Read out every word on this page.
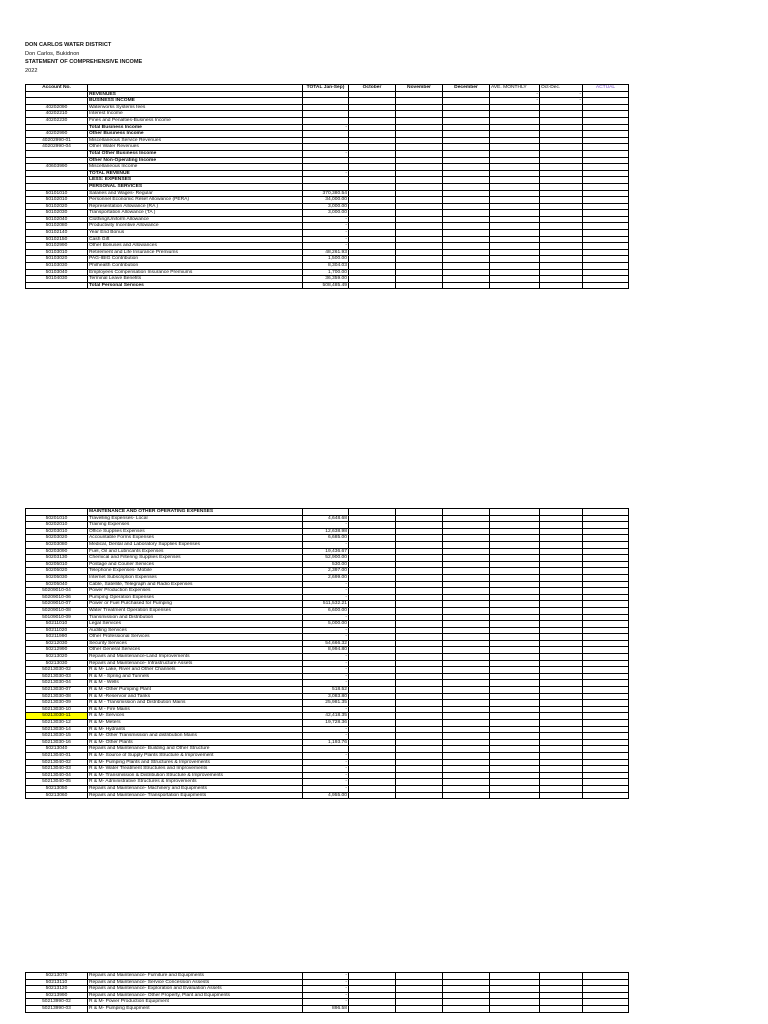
DON CARLOS WATER DISTRICT
Don Carlos, Bukidnon
STATEMENT OF COMPREHENSIVE INCOME
2022
Account No.		TOTAL Jan-Sep)	October	November	December	AVE. MONTHLY	Oct-Dec.	ACTUAL
	REVENUES					-	-	
	BUSINESS INCOME					-	-	
40202090	Waterworks Systems fees							
40202210	Interest Income							
40202230	Fines and Penalties-Business Income							
	Total Business Income	-						
40202990	Other Business Income							
40202990-01	Miscellaneous Service Revenues							
40202990-04	Other Water Revenues							
	Total Other Business Income	-						
	Other Non-Operating Income							
40603990	Miscellaneous Income							
	TOTAL REVENUE	-						
	LESS: EXPENSES							
	PERSONAL SERVICES							
50101010	Salaries and Wages- Regular	370,380.54						
50102010	Personnel Economic Relief Allowance (PERA)	34,000.00						
50102020	Representation Allowance (RA )	3,000.00						
50102030	Transportation Allowance (TA )	3,000.00						
50102040	Clothing/Uniform Allowance	-						
50102080	Productivity Incentive Allowance	-						
50102140	Year End Bonus	-						
50102150	Cash Gift	-						
50102990	Other Bonuses and Allowances	-						
50103010	Retirement and Life Insurance Premiums	48,261.93						
50103020	PAG-IBIG Contribution	1,500.00						
50103030	Philhealth Contribution	8,304.03						
50103040	Employees Compensation Insurance Premiums	1,700.00						
50104030	Terminal Leave Benefits	36,359.00						
	Total Personal Services	508,485.49						
	MAINTENANCE AND OTHER OPERATING EXPENSES							
50201010	Travelling Expenses- Local	4,648.68						
50202010	Training Expenses	-						
50203010	Office Supplies Expenses	12,638.98						
50203020	Accountable Forms Expenses	6,685.00						
50203080	Medical, Dental and Laboratory Supplies Expenses	-						
50203090	Fuel, Oil and Lubricants Expenses	19,436.67						
50203130	Chemical and Filtering Supplies Expenses	52,900.00						
50205010	Postage and Courier Services	530.00						
50205020	Telephone Expenses- Mobile	2,397.00						
50205030	Internet Subscription Expenses	2,699.00						
50205040	Cable, Satellite, Telegraph and Radio Expenses	-						
50209010-04	Power Production Expenses	-						
50209010-06	Pumping Operation Expenses	-						
50209010-07	Power or Fuel Purchased for Pumping	511,532.21						
50209010-08	Water Treatment Operation Expenses	6,600.00						
50109010-09	Transmission and Distribution	-						
50211010	Legal Services	5,000.00						
50211020	Auditing Services	-						
50211990	Other Professional Services	-						
50212030	Security Services	54,666.32						
50212990	Other General Services	8,994.80						
50213020	Repairs and Maintenance-Land Improvements	-						
50213030	Repairs and Maintenance- Infrastructure Assets	-						
50213030-02	R & M- Lake, River and Other Channels	-						
50213030-03	R & M - Spring and Tunnels	-						
50213030-04	R & M - Wells	-						
50213030-07	R & M -Other Pumping Plant	518.52						
50213030-08	R & M -Reservoir and Tanks	3,083.80						
50213030-09	R & M - Transmission and Distribution Mains	25,981.35						
50213030-10	R & M - Fire Mains	-						
50213030-11	R & M- Services	42,418.35						
50213030-12	R & M- Meters	19,728.36						
50213030-14	R & M- Hydrants	-						
50213030-15	R & M- Other Transmission and distribution Mains	-						
50213030-16	R & M- Other Plants	1,193.76						
50213040	Repairs and Maintenance- Building and Other Structure							
50213040-01	R & M- Source of Supply Plants Structure & Improvement	-						
50213040-02	R & M- Pumping Plants and Structures & Improvements	-						
50213040-03	R & M- Water Treatment Structures and Improvements	-						
50213040-04	R & M- Transmission & Distribution Structure & Improvements	-						
50213040-05	R & M- Administrative Structures & Improvements	-						
50213050	Repairs and Maintenance- Machinery and Equipments	-						
50213060	Repairs and Maintenance- Transportation Equipments	4,955.00						
50213070	Repairs and Maintenance- Furniture and Equipments	-						
50213110	Repairs and Maintenance- Service Concession Assests	-						
50213120	Repairs and Maintenance- Exploration and Evaluation Assets	-						
50213990	Repairs and Maintenance- Other Property, Plant and Equipments	-						
50213990-02	R & M- Power Production Equipment	-						
50213990-03	R & M- Pumping Equipment	896.58						
